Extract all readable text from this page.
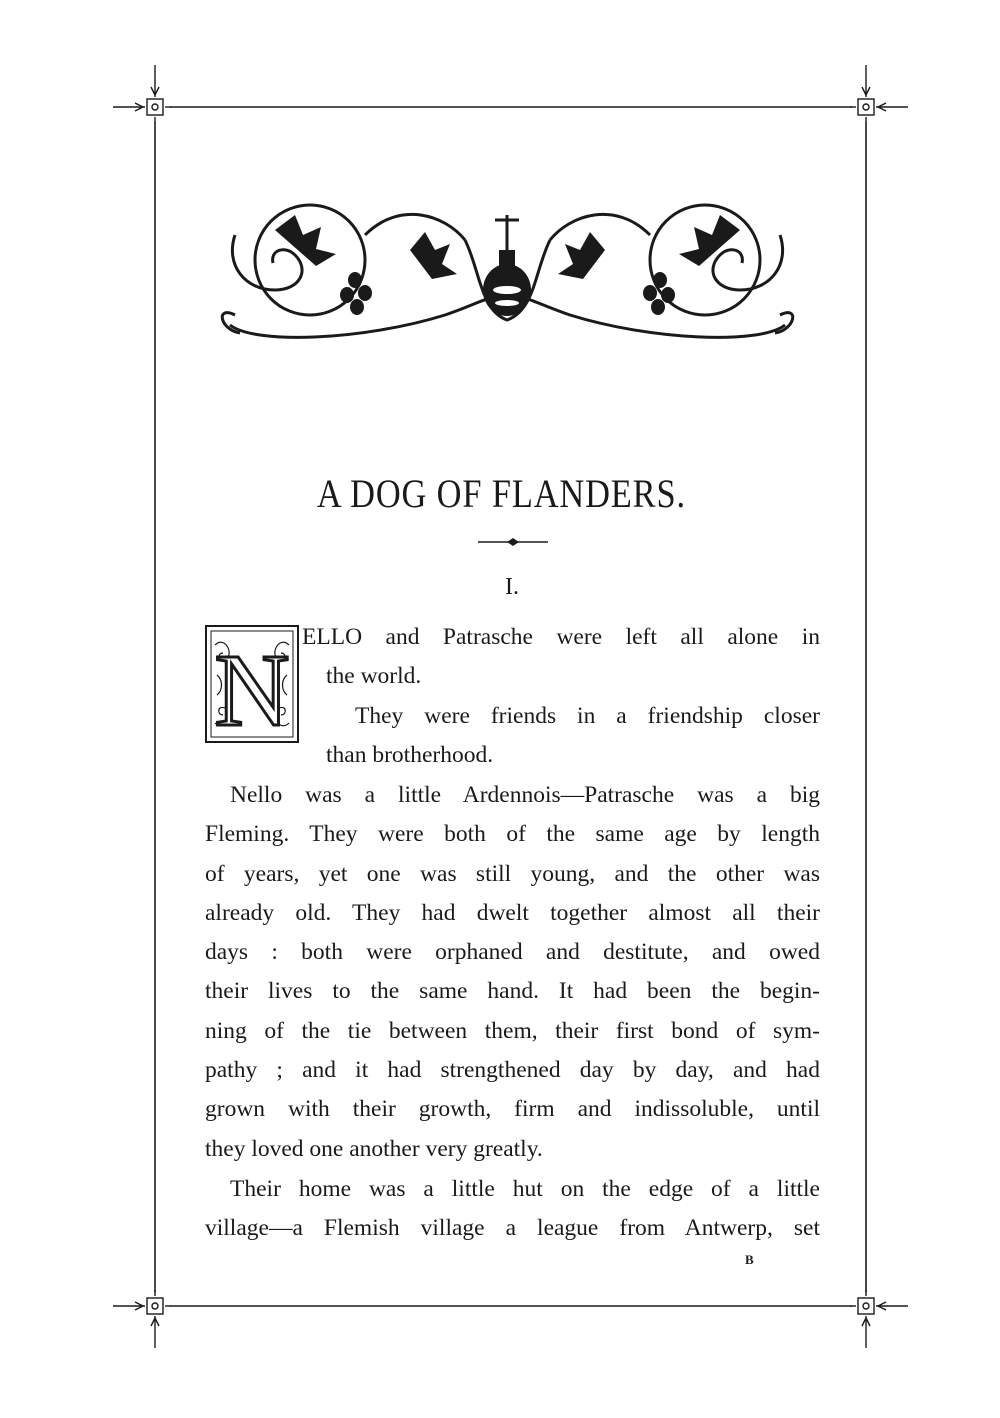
A DOG OF FLANDERS.
I.
N ELLO and Patrasche were left all alone in
the world.
They were friends in a friendship closer
than brotherhood.
Nello was a little Ardennois—Patrasche was a big
Fleming. They were both of the same age by length
of years, yet one was still young, and the other was
already old. They had dwelt together almost all their
days : both were orphaned and destitute, and owed
their lives to the same hand. It had been the begin-
ning of the tie between them, their first bond of sym-
pathy ; and it had strengthened day by day, and had
grown with their growth, firm and indissoluble, until
they loved one another very greatly.
Their home was a little hut on the edge of a little
village—a Flemish village a league from Antwerp, set
B
